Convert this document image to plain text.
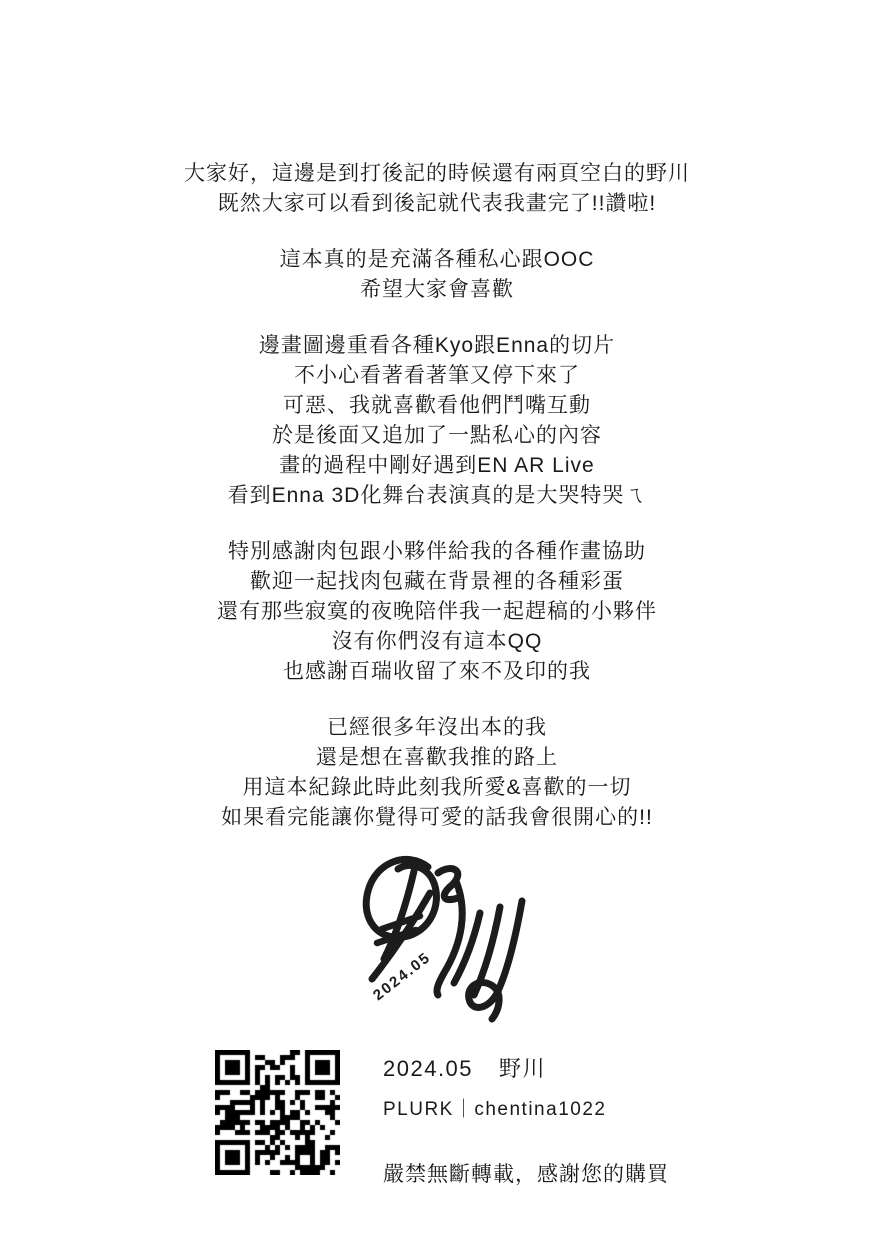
大家好，這邊是到打後記的時候還有兩頁空白的野川
既然大家可以看到後記就代表我畫完了!!讚啦!

這本真的是充滿各種私心跟OOC
希望大家會喜歡

邊畫圖邊重看各種Kyo跟Enna的切片
不小心看著看著筆又停下來了
可惡、我就喜歡看他們鬥嘴互動
於是後面又追加了一點私心的內容
畫的過程中剛好遇到EN AR Live
看到Enna 3D化舞台表演真的是大哭特哭ㄟ

特別感謝肉包跟小夥伴給我的各種作畫協助
歡迎一起找肉包藏在背景裡的各種彩蛋
還有那些寂寞的夜晚陪伴我一起趕稿的小夥伴
沒有你們沒有這本QQ
也感謝百瑞收留了來不及印的我

已經很多年沒出本的我
還是想在喜歡我推的路上
用這本紀錄此時此刻我所愛&喜歡的一切
如果看完能讓你覺得可愛的話我會很開心的!!

2024.05
2024.05 野川
PLURK｜chentina1022
嚴禁無斷轉載，感謝您的購買
